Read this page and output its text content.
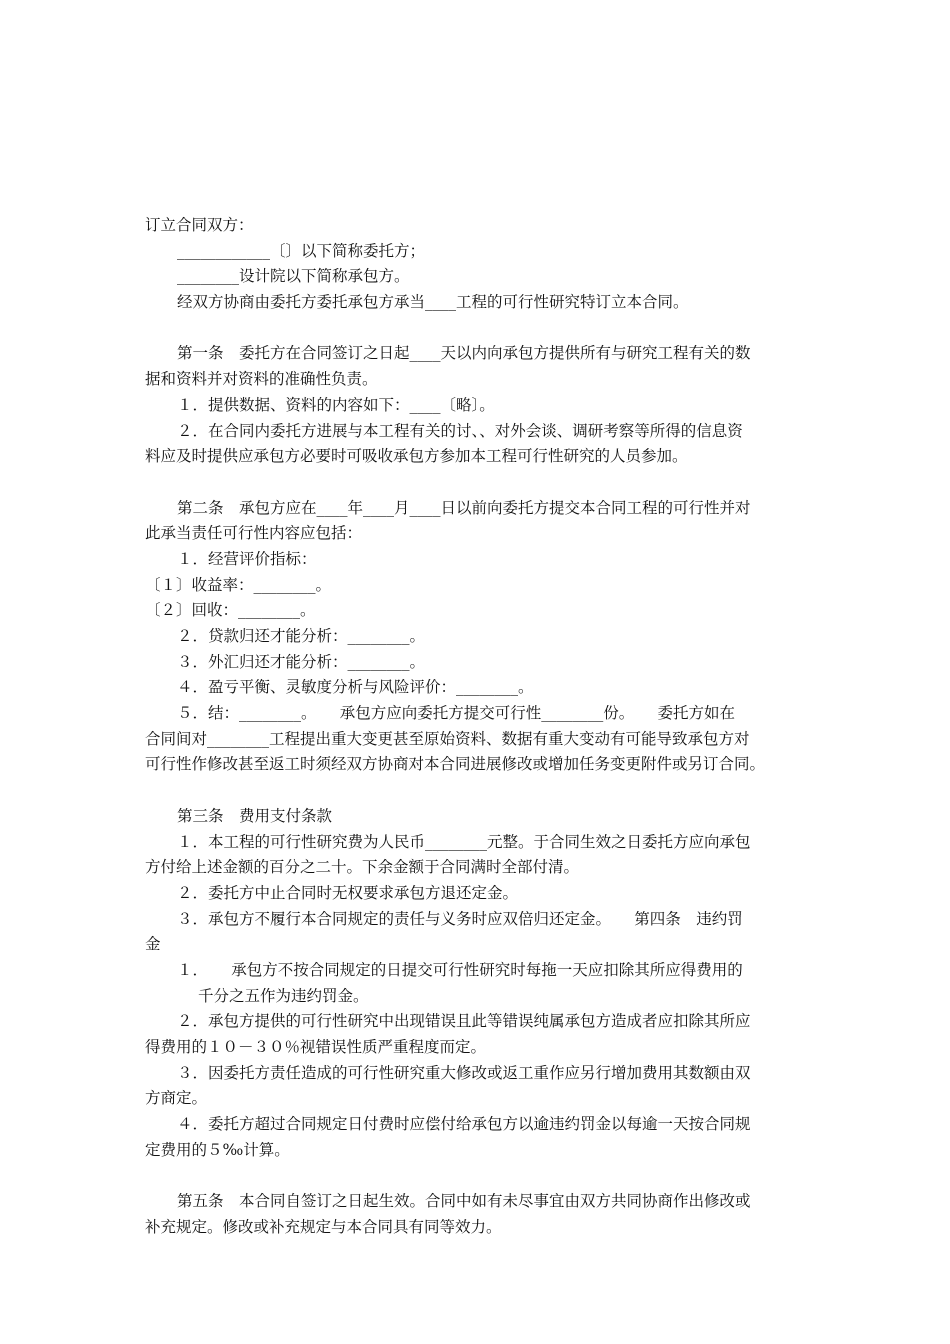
订立合同双方：
____________〔〕以下简称委托方；
________设计院以下简称承包方。
经双方协商由委托方委托承包方承当____工程的可行性研究特订立本合同。
第一条　委托方在合同签订之日起____天以内向承包方提供所有与研究工程有关的数
据和资料并对资料的准确性负责。
１．提供数据、资料的内容如下：____〔略〕。
２．在合同内委托方进展与本工程有关的讨、、对外会谈、调研考察等所得的信息资
料应及时提供应承包方必要时可吸收承包方参加本工程可行性研究的人员参加。
第二条　承包方应在____年____月____日以前向委托方提交本合同工程的可行性并对
此承当责任可行性内容应包括：
１．经营评价指标：
〔１〕收益率：________。
〔２〕回收：________。
２．贷款归还才能分析：________。
３．外汇归还才能分析：________。
４．盈亏平衡、灵敏度分析与风险评价：________。
５．结：________。　　承包方应向委托方提交可行性________份。　　委托方如在
合同间对________工程提出重大变更甚至原始资料、数据有重大变动有可能导致承包方对
可行性作修改甚至返工时须经双方协商对本合同进展修改或增加任务变更附件或另订合同。
第三条　费用支付条款
１．本工程的可行性研究费为人民币________元整。于合同生效之日委托方应向承包
方付给上述金额的百分之二十。下余金额于合同满时全部付清。
２．委托方中止合同时无权要求承包方退还定金。
３．承包方不履行本合同规定的责任与义务时应双倍归还定金。　　第四条　违约罚
金
１．　　承包方不按合同规定的日提交可行性研究时每拖一天应扣除其所应得费用的
千分之五作为违约罚金。
２．承包方提供的可行性研究中出现错误且此等错误纯属承包方造成者应扣除其所应
得费用的１０－３０％视错误性质严重程度而定。
３．因委托方责任造成的可行性研究重大修改或返工重作应另行增加费用其数额由双
方商定。
４．委托方超过合同规定日付费时应偿付给承包方以逾违约罚金以每逾一天按合同规
定费用的５‰计算。
第五条　本合同自签订之日起生效。合同中如有未尽事宜由双方共同协商作出修改或
补充规定。修改或补充规定与本合同具有同等效力。
